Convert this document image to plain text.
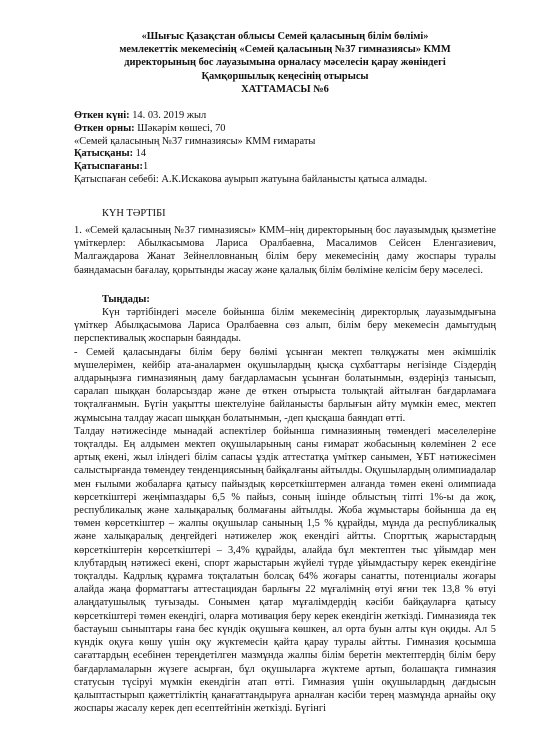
«Шығыс Қазақстан облысы Семей қаласының білім бөлімі»
мемлекеттік мекемесінің «Семей қаласының №37 гимназиясы» КММ
директорының бос лауазымына орналасу мәселесін қарау жөніндегі
Қамқоршылық кеңесінің отырысы
ХАТТАМАСЫ №6
Өткен күні: 14. 03. 2019 жыл
Өткен орны: Шәкәрім көшесі, 70
«Семей қаласының №37 гимназиясы» КММ ғимараты
Қатысқаны: 14
Қатыспағаны:1
Қатыспаған себебі: А.К.Искакова ауырып жатуына байланысты қатыса алмады.
КҮН ТӘРТІБІ

1. «Семей қаласының №37 гимназиясы» КММ–нің директорының бос лауазымдық қызметіне үміткерлер: Абылкасымова Лариса Оралбаевна, Масалимов Сейсен Еленгазиевич, Малгаждарова Жанат Зейнелловнаның білім беру мекемесінің даму жоспары туралы баяндамасын бағалау, қорытынды жасау және қалалық білім бөліміне келісім беру мәселесі.

Тыңдады:

Күн тәртібіндегі мәселе бойынша білім мекемесінің директорлық лауазымдығына үміткер Абылқасымова Лариса Оралбаевна сөз алып, білім беру мекемесін дамытудың перспективалық жоспарын баяндады.

- Семей қаласындағы білім беру бөлімі ұсынған мектеп төлқұжаты мен әкімшілік мүшелерімен, кейбір ата-аналармен оқушылардың қысқа сұхбаттары негізінде Сіздердің алдарыңызға гимназияның даму бағдарламасын ұсынған болатынмын, өздеріңіз танысып, саралап шыққан боларсыздар және де өткен отырыста толықтай айтылған бағдарламаға тоқталғанмын. Бүгін уақытты шектелуіне байланысты барлығын айту мүмкін емес, мектеп жұмысына талдау жасап шыққан болатынмын, -деп қысқаша баяндап өтті.

Талдау нәтижесінде мынадай аспектілер бойынша гимназияның төмендегі мәселелеріне тоқталды. Ең алдымен мектеп оқушыларының саны ғимарат жобасының көлемінен 2 есе артық екені, жыл іліндегі білім сапасы ұздік аттестатқа үміткер санымен, ҰБТ нәтижесімен салыстырғанда төмендеу тенденциясының байқалғаны айтылды. Оқушылардың олимпиадалар мен ғылыми жобаларға қатысу пайыздық көрсеткіштермен алғанда төмен екені олимпиада көрсеткіштері жеңімпаздары 6,5 % пайыз, соның ішінде облыстың тіпті 1%-ы да жоқ, республикалық және халықаралық болмағаны айтылды. Жоба жұмыстары бойынша да ең төмен көрсеткіштер – жалпы оқушылар санының 1,5 % құрайды, мұнда да республикалық және халықаралық деңгейдегі нәтижелер жоқ екендігі айтты. Спорттық жарыстардың көрсеткіштерін көрсеткіштері – 3,4% құрайды, алайда бұл мектептен тыс ұйымдар мен клубтардың нәтижесі екені, спорт жарыстарын жүйелі түрде ұйымдастыру керек екендігіне тоқталды. Кадрлық құрамға тоқталатын болсақ 64% жоғары санатты, потенциалы жоғары алайда жаңа форматтағы аттестациядан барлығы 22 мұғалімнің өтуі яғни тек 13,8 % өтуі алаңдатушылық туғызады. Сонымен қатар мұғалімдердің кәсіби байқауларға қатысу көрсеткіштері төмен екендігі, оларға мотивация беру керек екендігін жеткізді. Гимназияда тек бастауыш сыныптары ғана бес күндік оқушыға көшкен, ал орта буын алты күн оқиды. Ал 5 күндік оқуға көшу үшін оқу жүктемесін қайта қарау туралы айтты. Гимназия қосымша сағаттардың есебінен тереңдетілген мазмұнда жалпы білім беретін мектептердің білім беру бағдарламаларын жүзеге асырған, бұл оқушыларға жүктеме артып, болашақта гимназия статусын түсіруі мүмкін екендігін атап өтті. Гимназия үшін оқушылардың дағдысын қалыптастырып қажеттіліктің қанағаттандыруға арналған кәсіби терең мазмұнда арнайы оқу жоспары жасалу керек деп есептейтінін жеткізді. Бүгінгі
